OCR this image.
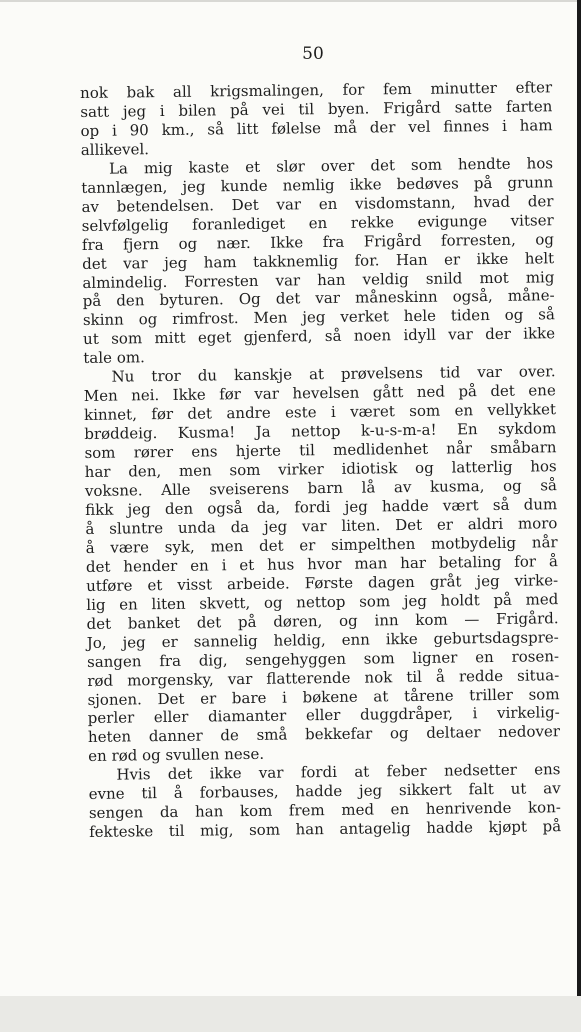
50
nok bak all krigsmalingen, for fem minutter efter
satt jeg i bilen på vei til byen. Frigård satte farten
op i 90 km., så litt følelse må der vel finnes i ham
allikevel.
La mig kaste et slør over det som hendte hos
tannlægen, jeg kunde nemlig ikke bedøves på grunn
av betendelsen. Det var en visdomstann, hvad der
selvfølgelig foranlediget en rekke evigunge vitser
fra fjern og nær. Ikke fra Frigård forresten, og
det var jeg ham takknemlig for. Han er ikke helt
almindelig. Forresten var han veldig snild mot mig
på den byturen. Og det var måneskinn også, måne-
skinn og rimfrost. Men jeg verket hele tiden og så
ut som mitt eget gjenferd, så noen idyll var der ikke
tale om.
Nu tror du kanskje at prøvelsens tid var over.
Men nei. Ikke før var hevelsen gått ned på det ene
kinnet, før det andre este i været som en vellykket
brøddeig. Kusma! Ja nettop k-u-s-m-a! En sykdom
som rører ens hjerte til medlidenhet når småbarn
har den, men som virker idiotisk og latterlig hos
voksne. Alle sveiserens barn lå av kusma, og så
fikk jeg den også da, fordi jeg hadde vært så dum
å sluntre unda da jeg var liten. Det er aldri moro
å være syk, men det er simpelthen motbydelig når
det hender en i et hus hvor man har betaling for å
utføre et visst arbeide. Første dagen gråt jeg virke-
lig en liten skvett, og nettop som jeg holdt på med
det banket det på døren, og inn kom — Frigård.
Jo, jeg er sannelig heldig, enn ikke geburtsdagspre-
sangen fra dig, sengehyggen som ligner en rosen-
rød morgensky, var flatterende nok til å redde situa-
sjonen. Det er bare i bøkene at tårene triller som
perler eller diamanter eller duggdråper, i virkelig-
heten danner de små bekkefar og deltaer nedover
en rød og svullen nese.
Hvis det ikke var fordi at feber nedsetter ens
evne til å forbauses, hadde jeg sikkert falt ut av
sengen da han kom frem med en henrivende kon-
fekteske til mig, som han antagelig hadde kjøpt på
